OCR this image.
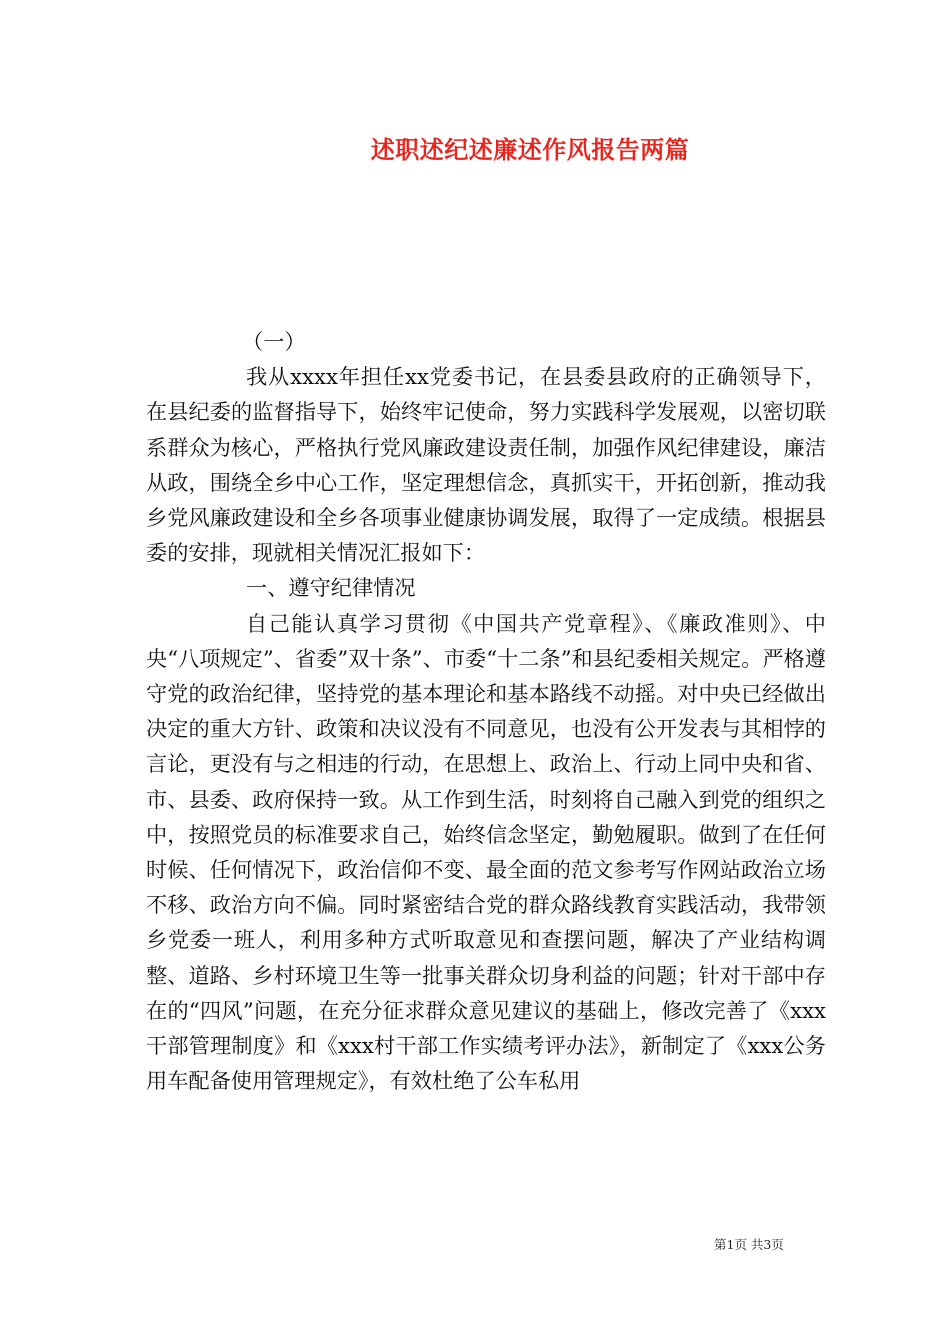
述职述纪述廉述作风报告两篇
（一）

我从xxxx年担任xx党委书记，在县委县政府的正确领导下，在县纪委的监督指导下，始终牢记使命，努力实践科学发展观，以密切联系群众为核心，严格执行党风廉政建设责任制，加强作风纪律建设，廉洁从政，围绕全乡中心工作，坚定理想信念，真抓实干，开拓创新，推动我乡党风廉政建设和全乡各项事业健康协调发展，取得了一定成绩。根据县委的安排，现就相关情况汇报如下：

一、遵守纪律情况

自己能认真学习贯彻《中国共产党章程》、《廉政准则》、中央“八项规定”、省委”双十条”、市委“十二条”和县纪委相关规定。严格遵守党的政治纪律，坚持党的基本理论和基本路线不动摇。对中央已经做出决定的重大方针、政策和决议没有不同意见，也没有公开发表与其相悖的言论，更没有与之相违的行动，在思想上、政治上、行动上同中央和省、市、县委、政府保持一致。从工作到生活，时刻将自己融入到党的组织之中，按照党员的标准要求自己，始终信念坚定，勤勉履职。做到了在任何时候、任何情况下，政治信仰不变、最全面的范文参考写作网站政治立场不移、政治方向不偏。同时紧密结合党的群众路线教育实践活动，我带领乡党委一班人，利用多种方式听取意见和查摆问题，解决了产业结构调整、道路、乡村环境卫生等一批事关群众切身利益的问题；针对干部中存在的“四风”问题，在充分征求群众意见建议的基础上，修改完善了《xxx干部管理制度》和《xxx村干部工作实绩考评办法》，新制定了《xxx公务用车配备使用管理规定》，有效杜绝了公车私用

第1页 共3页
